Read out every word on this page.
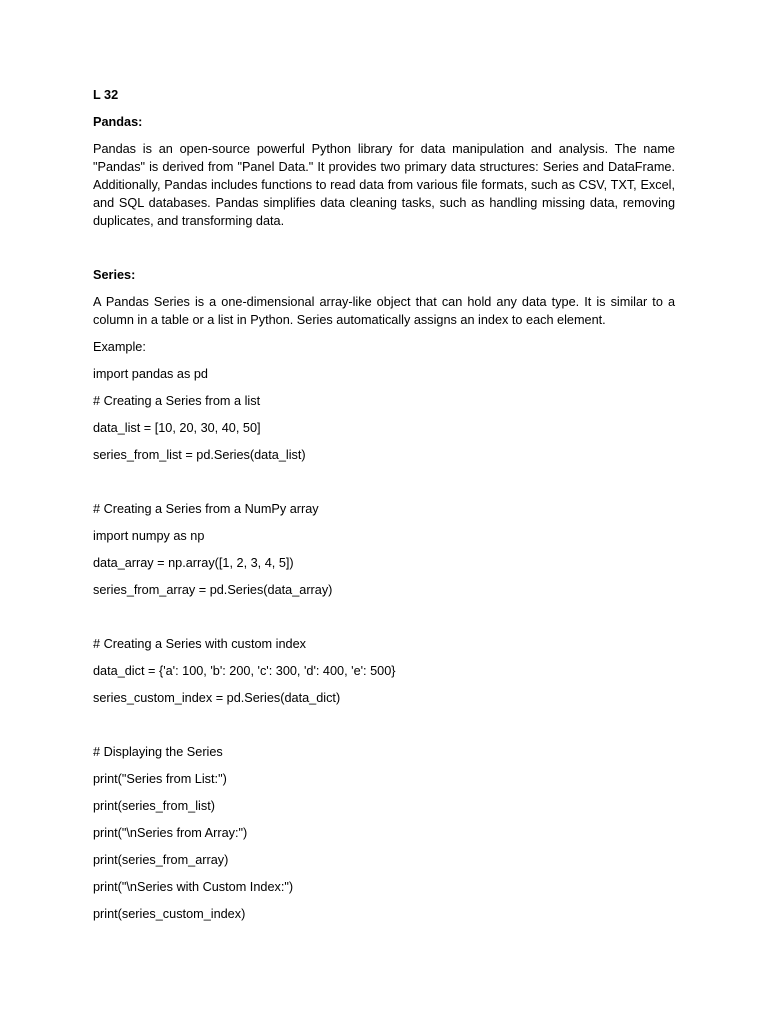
L 32

Pandas:

Pandas is an open-source powerful Python library for data manipulation and analysis. The name "Pandas" is derived from "Panel Data." It provides two primary data structures: Series and DataFrame. Additionally, Pandas includes functions to read data from various file formats, such as CSV, TXT, Excel, and SQL databases. Pandas simplifies data cleaning tasks, such as handling missing data, removing duplicates, and transforming data.

Series:

A Pandas Series is a one-dimensional array-like object that can hold any data type. It is similar to a column in a table or a list in Python. Series automatically assigns an index to each element.

Example:

import pandas as pd

# Creating a Series from a list

data_list = [10, 20, 30, 40, 50]

series_from_list = pd.Series(data_list)

# Creating a Series from a NumPy array

import numpy as np

data_array = np.array([1, 2, 3, 4, 5])

series_from_array = pd.Series(data_array)

# Creating a Series with custom index

data_dict = {'a': 100, 'b': 200, 'c': 300, 'd': 400, 'e': 500}

series_custom_index = pd.Series(data_dict)

# Displaying the Series

print("Series from List:")

print(series_from_list)

print("\nSeries from Array:")

print(series_from_array)

print("\nSeries with Custom Index:")

print(series_custom_index)
